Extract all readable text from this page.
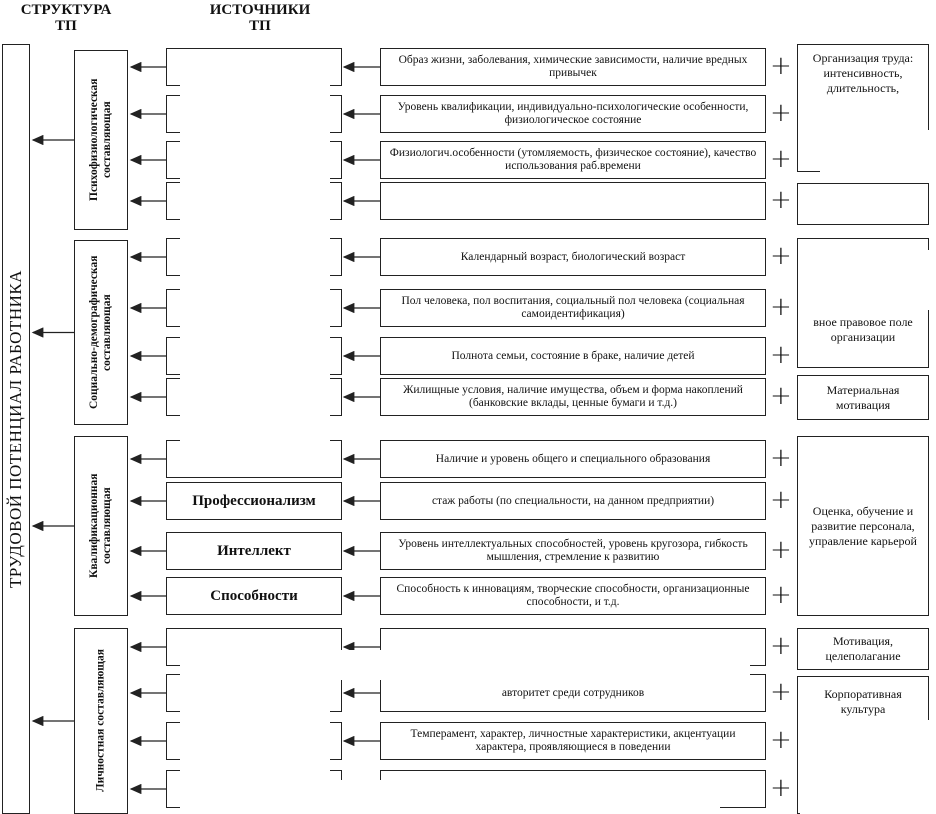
СТРУКТУРА
ТП
ИСТОЧНИКИ
ТП
ТРУДОВОЙ ПОТЕНЦИАЛ РАБОТНИКА
Психофизиологическая составляющая
Социально-демографическая составляющая
Квалификационная составляющая
Личностная составляющая
Профессионализм
Интеллект
Способности
Образ жизни, заболевания, химические зависимости, наличие вредных привычек
Уровень квалификации, индивидуально-психологические особенности, физиологическое состояние
Физиологич.особенности (утомляемость, физическое состояние), качество использования раб.времени
Календарный возраст, биологический возраст
Пол человека, пол воспитания, социальный пол человека (социальная самоидентификация)
Полнота семьи, состояние в браке, наличие детей
Жилищные условия, наличие имущества, объем и форма накоплений (банковские вклады, ценные бумаги и т.д.)
Наличие и уровень общего и специального образования
стаж работы (по специальности, на данном предприятии)
Уровень интеллектуальных способностей, уровень кругозора, гибкость мышления, стремление к развитию
Способность к инновациям, творческие способности, организационные способности, и т.д.
авторитет среди сотрудников
Темперамент, характер, личностные характеристики, акцентуации характера, проявляющиеся в поведении
+
+
+
+
+
+
+
+
+
+
+
+
+
+
+
+
Организация труда: интенсивность, длительность,
вное правовое поле организации
Материальная мотивация
Оценка, обучение и развитие персонала, управление карьерой
Мотивация, целеполагание
Корпоративная культура
